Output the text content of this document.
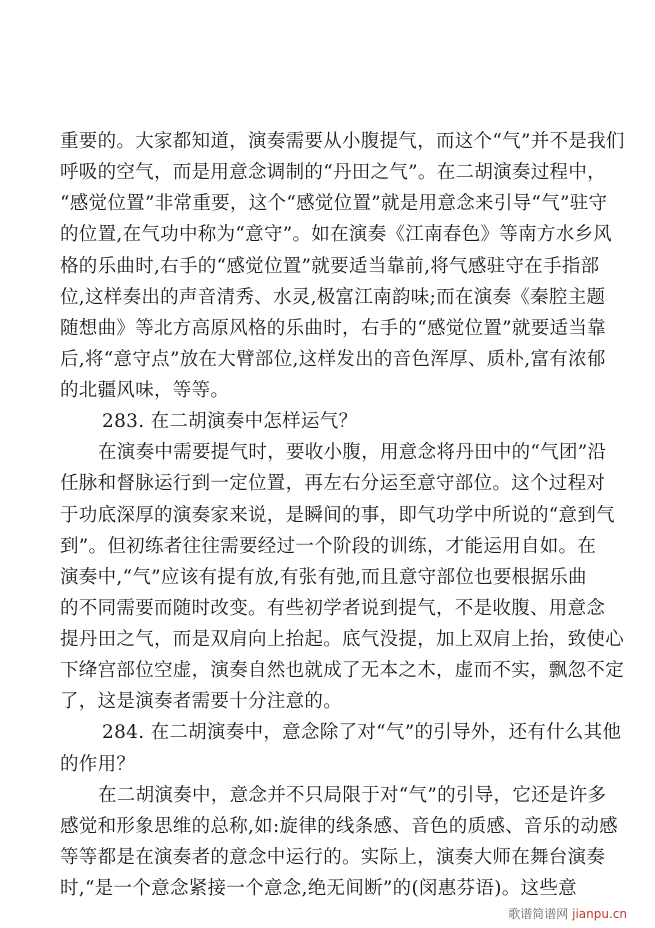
重要的。大家都知道，演奏需要从小腹提气，而这个“气”并不是我们
呼吸的空气，而是用意念调制的“丹田之气”。在二胡演奏过程中，
“感觉位置”非常重要，这个“感觉位置”就是用意念来引导“气”驻守
的位置,在气功中称为“意守”。如在演奏《江南春色》等南方水乡风
格的乐曲时,右手的“感觉位置”就要适当靠前,将气感驻守在手指部
位,这样奏出的声音清秀、水灵,极富江南韵味;而在演奏《秦腔主题
随想曲》等北方高原风格的乐曲时，右手的“感觉位置”就要适当靠
后,将“意守点”放在大臂部位,这样发出的音色浑厚、质朴,富有浓郁
的北疆风味，等等。
283. 在二胡演奏中怎样运气？
在演奏中需要提气时，要收小腹，用意念将丹田中的“气团”沿
任脉和督脉运行到一定位置，再左右分运至意守部位。这个过程对
于功底深厚的演奏家来说，是瞬间的事，即气功学中所说的“意到气
到”。但初练者往往需要经过一个阶段的训练，才能运用自如。在
演奏中,“气”应该有提有放,有张有弛,而且意守部位也要根据乐曲
的不同需要而随时改变。有些初学者说到提气，不是收腹、用意念
提丹田之气，而是双肩向上抬起。底气没提，加上双肩上抬，致使心
下绛宫部位空虚，演奏自然也就成了无本之木，虚而不实，飘忽不定
了，这是演奏者需要十分注意的。
284. 在二胡演奏中，意念除了对“气”的引导外，还有什么其他
的作用？
在二胡演奏中，意念并不只局限于对“气”的引导，它还是许多
感觉和形象思维的总称,如:旋律的线条感、音色的质感、音乐的动感
等等都是在演奏者的意念中运行的。实际上，演奏大师在舞台演奏
时,“是一个意念紧接一个意念,绝无间断”的(闵惠芬语)。这些意
歌谱简谱网 jianpu.cn
